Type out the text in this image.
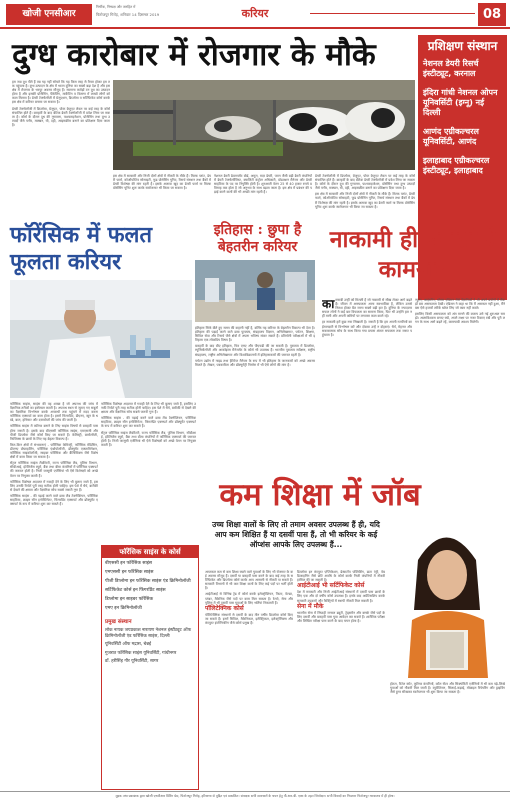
खोजी एनसीआर
निर्भीक, निष्पक्ष और जनहित में
फिरोजपुर गिरोह, शनिवार 14 दिसम्बर 2019	करियर	08
दुग्ध कारोबार में रोजगार के मौके	प्रशिक्षण संस्थान
नेशनल डेयरी रिसर्च इंस्टीट्यूट, करनाल
इंदिरा गांधी नेशनल ओपन यूनिवर्सिटी (इग्नू) नई दिल्ली
आणंद एग्रीकल्चरल यूनिवर्सिटी, आणंद
इलाहाबाद एग्रीकल्चरल इंस्टीट्यूट, इलाहाबाद

हम जब दूध पीते हैं तब यह नहीं सोचते कि यह किस तरह से तैयार होकर हम तक पहुंचता है। दुग्ध उत्पादन के क्षेत्र में भारत दुनिया का सबसे बड़ा देश है और इस क्षेत्र में रोजगार के भरपूर अवसर मौजूद हैं। सालाना करोड़ों टन दूध का उत्पादन होता है और इसकी प्रोसेसिंग, पैकेजिंग, मार्केटिंग व वितरण में लाखों लोगों को काम मिलता है। डेयरी टेक्नोलॉजी में ग्रेजुएशन, डिप्लोमा व सर्टिफिकेट कोर्स करके इस क्षेत्र में करियर बनाया जा सकता है।

डेयरी टेक्नोलॉजी में डिप्लोमा, ग्रेजुएट, पोस्ट ग्रेजुएट लेवल पर कई तरह के कोर्स संचालित होते हैं। बारहवीं के बाद बीटेक डेयरी टेक्नोलॉजी में प्रवेश लिया जा सकता है। कोर्स के दौरान दूध की गुणवत्ता, पाश्चराइजेशन, प्रोसेसिंग तथा दुग्ध उत्पादों जैसे पनीर, मक्खन, घी, दही, आइसक्रीम बनाने का प्रशिक्षण दिया जाता है।

इस क्षेत्र में सरकारी और निजी दोनों क्षेत्रों में नौकरी के मौके हैं। मिल्क प्लांट, डेयरी फार्म, कोऑपरेटिव सोसाइटी, फूड प्रोसेसिंग यूनिट, रिसर्च संस्थान तथा बैंकों में डेयरी विशेषज्ञ की मांग रहती है। इसके अलावा खुद का डेयरी फार्म या मिल्क प्रोसेसिंग यूनिट शुरू करके स्वरोजगार भी किया जा सकता है।

नेशनल डेयरी डेवलपमेंट बोर्ड, अमूल, मदर डेयरी, पराग जैसी बड़ी डेयरी कंपनियों में डेयरी टेक्नोलॉजिस्ट, क्वालिटी कंट्रोल अधिकारी, प्रोडक्शन मैनेजर और डेयरी साइंटिस्ट के पद पर नियुक्ति होती है। शुरुआती वेतन 25 से 40 हजार रुपये प्रतिमाह तक होता है जो अनुभव के साथ बढ़ता जाता है। इस क्षेत्र में प्रबंधन की पढ़ाई करने वालों की भी अच्छी मांग रहती है।

डेयरी टेक्नोलॉजी में डिप्लोमा, ग्रेजुएट, पोस्ट ग्रेजुएट लेवल पर कई तरह के कोर्स संचालित होते हैं। बारहवीं के बाद बीटेक डेयरी टेक्नोलॉजी में प्रवेश लिया जा सकता है। कोर्स के दौरान दूध की गुणवत्ता, पाश्चराइजेशन, प्रोसेसिंग तथा दुग्ध उत्पादों जैसे पनीर, मक्खन, घी, दही, आइसक्रीम बनाने का प्रशिक्षण दिया जाता है।

इस क्षेत्र में सरकारी और निजी दोनों क्षेत्रों में नौकरी के मौके हैं। मिल्क प्लांट, डेयरी फार्म, कोऑपरेटिव सोसाइटी, फूड प्रोसेसिंग यूनिट, रिसर्च संस्थान तथा बैंकों में डेयरी विशेषज्ञ की मांग रहती है। इसके अलावा खुद का डेयरी फार्म या मिल्क प्रोसेसिंग यूनिट शुरू करके स्वरोजगार भी किया जा सकता है।

फॉरेंसिक में फलत फूलता करियर
इतिहास : छुपा है बेहतरीन करियर

इतिहास सिर्फ बीते हुए समय की कहानी नहीं है, बल्कि यह करियर के बेहतरीन विकल्प भी देता है। इतिहास की पढ़ाई करने वाले छात्र पुरातत्व, संग्रहालय विज्ञान, अभिलेखागार, पर्यटन, शिक्षण, सिविल सेवा और रिसर्च जैसे क्षेत्रों में अपना भविष्य संवार सकते हैं। प्रतियोगी परीक्षाओं में भी इतिहास एक लोकप्रिय विषय है।

बारहवीं के बाद बीए इतिहास, फिर एमए और पीएचडी की जा सकती है। पुरातत्व में डिप्लोमा, म्यूजियोलॉजी और आर्काइव्स मैनेजमेंट के कोर्स भी उपलब्ध हैं। भारतीय पुरातत्व सर्वेक्षण, राष्ट्रीय संग्रहालय, राष्ट्रीय अभिलेखागार और विश्वविद्यालयों में इतिहासकारों की जरूरत रहती है।

पर्यटन उद्योग में गाइड तथा हेरिटेज मैनेजर के रूप में भी इतिहास के जानकारों को अच्छे अवसर मिलते हैं। लेखन, पत्रकारिता और डॉक्यूमेंट्री निर्माण में भी ऐसे लोगों की मांग है।

नाकामी ही बनाती है कामयाब

कामयाबी उन्हीं को मिलती है जो नाकामी से सीख लेकर आगे बढ़ते हैं। जीवन में असफलता आना स्वाभाविक है, लेकिन उससे निराश होकर बैठ जाना सबसे बड़ी हार है। दुनिया के ज्यादातर सफल लोगों ने कई बार विफलता का सामना किया, फिर भी उन्होंने हार नहीं मानी और अपनी कमियों पर लगातार काम करते रहे।

हर नाकामी हमें कुछ नया सिखाती है। जरूरी है कि हम अपनी गलतियों का ईमानदारी से विश्लेषण करें और दोबारा उन्हें न दोहराएं। धैर्य, मेहनत और सकारात्मक सोच के साथ किया गया प्रयास अंततः सफलता तक जरूर पहुंचाता है।

न्यूटन, आइंस्टीन, थॉमस एडिसन जैसे वैज्ञानिकों ने भी अपने प्रयोगों में सैकड़ों बार असफलता देखी। एडिसन ने कहा था कि मैं असफल नहीं हुआ, मैंने बस ऐसे हजारों तरीके खोज लिए जो काम नहीं करते।

इसलिए किसी असफलता को अंत मानने की बजाय उसे नई शुरुआत समझें। आत्मविश्वास बनाए रखें, अपने लक्ष्य पर नजर टिकाए रखें और पूरी लगन के साथ आगे बढ़ते रहें, कामयाबी अवश्य मिलेगी।

फॉरेंसिक साइंस, साइंस की वह शाखा है जो अपराध की जांच में वैज्ञानिक तरीकों का इस्तेमाल करती है। अपराध स्थल से जुटाए गए सबूतों का वैज्ञानिक विश्लेषण करके अपराधी तक पहुंचने में मदद करना फॉरेंसिक एक्सपर्ट का काम होता है। इसमें फिंगरप्रिंट, डीएनए, खून के धब्बे, बाल, हथियार और दस्तावेजों की जांच की जाती है।

फॉरेंसिक साइंस में करियर बनाने के लिए साइंस विषयों से बारहवीं पास होना जरूरी है। इसके बाद बीएससी फॉरेंसिक साइंस, एमएससी और पीजी डिप्लोमा जैसे कोर्स किए जा सकते हैं। केमिस्ट्री, बायोलॉजी, फिजिक्स के छात्रों के लिए यह बेहतर विकल्प है।

किन-किन क्षेत्रों में संभावनाएं - फॉरेंसिक केमिस्ट्री, फॉरेंसिक मेडिसिन, डीएनए प्रोफाइलिंग, फॉरेंसिक एंथ्रोपोलॉजी, डॉक्यूमेंट एक्जामिनेशन, फॉरेंसिक साइकोलॉजी, साइबर फॉरेंसिक और बैलिस्टिक्स जैसे विशेष क्षेत्रों में काम किया जा सकता है।

सेंट्रल फॉरेंसिक साइंस लैबोरेटरी, राज्य फॉरेंसिक लैब, पुलिस विभाग, सीबीआई, इंटेलिजेंस ब्यूरो, बैंक तथा बीमा कंपनियों में फॉरेंसिक एक्सपर्ट की जरूरत होती है। निजी जासूसी एजेंसियां भी ऐसे विशेषज्ञों को अच्छे वेतन पर नियुक्त करती हैं।

फॉरेंसिक विशेषज्ञ अदालत में गवाही देने के लिए भी बुलाए जाते हैं, इसलिए उनकी रिपोर्ट पूरी तरह सटीक होनी चाहिए। इस पेशे में धैर्य, बारीकी से देखने की क्षमता और वैज्ञानिक सोच सबसे जरूरी गुण हैं।

फॉरेंसिक साइंस - की पढ़ाई करने वाले छात्र लैब टेक्नीशियन, फॉरेंसिक साइंटिस्ट, क्राइम सीन इन्वेस्टिगेटर, फिंगरप्रिंट एक्सपर्ट और डॉक्यूमेंट एक्सपर्ट के रूप में करियर शुरू कर सकते हैं।

फॉरेंसिक विशेषज्ञ अदालत में गवाही देने के लिए भी बुलाए जाते हैं, इसलिए उनकी रिपोर्ट पूरी तरह सटीक होनी चाहिए। इस पेशे में धैर्य, बारीकी से देखने की क्षमता और वैज्ञानिक सोच सबसे जरूरी गुण हैं।

फॉरेंसिक साइंस - की पढ़ाई करने वाले छात्र लैब टेक्नीशियन, फॉरेंसिक साइंटिस्ट, क्राइम सीन इन्वेस्टिगेटर, फिंगरप्रिंट एक्सपर्ट और डॉक्यूमेंट एक्सपर्ट के रूप में करियर शुरू कर सकते हैं।

सेंट्रल फॉरेंसिक साइंस लैबोरेटरी, राज्य फॉरेंसिक लैब, पुलिस विभाग, सीबीआई, इंटेलिजेंस ब्यूरो, बैंक तथा बीमा कंपनियों में फॉरेंसिक एक्सपर्ट की जरूरत होती है। निजी जासूसी एजेंसियां भी ऐसे विशेषज्ञों को अच्छे वेतन पर नियुक्त करती हैं।

फॉरेंसिक साइंस के कोर्स
बीएससी इन फॉरेंसिक साइंस
एमएससी इन फॉरेंसिक साइंस
पीजी डिप्लोमा इन फॉरेंसिक साइंस एंड क्रिमिनोलॉजी
सर्टिफिकेट कोर्स इन फिंगरप्रिंट साइंस
डिप्लोमा इन साइबर फॉरेंसिक
एमए इन क्रिमिनोलॉजी
प्रमुख संस्थान
लोक नायक जयप्रकाश नारायण नेशनल इंस्टीट्यूट ऑफ क्रिमिनोलॉजी एंड फॉरेंसिक साइंस, दिल्ली
यूनिवर्सिटी ऑफ मद्रास, चेन्नई
गुजरात फॉरेंसिक साइंस यूनिवर्सिटी, गांधीनगर
डॉ. हरीसिंह गौर यूनिवर्सिटी, सागर
कम शिक्षा में जॉब
उच्च शिक्षा वालों के लिए तो तमाम अवसर उपलब्ध हैं ही, यदि आप कम शिक्षित हैं या दसवीं पास हैं, तो भी करियर के कई ऑप्शंस आपके लिए उपलब्ध हैं...

आजकल कम से कम शिक्षा रखने वाले युवाओं के लिए भी रोजगार के कई अवसर मौजूद हैं। दसवीं या बारहवीं पास करने के बाद कई तरह के सर्टिफिकेट और डिप्लोमा कोर्स करके आप आसानी से नौकरी पा सकते हैं। सरकारी विभागों में भी कम शिक्षा वालों के लिए कई पदों पर भर्ती होती है।

आईटीआई से विभिन्न ट्रेड में कोर्स करके इलेक्ट्रीशियन, फिटर, वेल्डर, प्लंबर, मैकेनिक जैसे पदों पर काम मिल सकता है। रेलवे, सेना और पुलिस में भी दसवीं पास युवाओं के लिए भर्तियां निकलती हैं।

पॉलिटेक्निक कोर्स

पॉलिटेक्निक संस्थानों से दसवीं के बाद तीन वर्षीय डिप्लोमा कोर्स किए जा सकते हैं। इनमें सिविल, मैकेनिकल, इलेक्ट्रिकल, इलेक्ट्रॉनिक्स और कंप्यूटर इंजीनियरिंग जैसे कोर्स प्रमुख हैं।

डिप्लोमा इन कंप्यूटर एप्लिकेशन, डेस्कटॉप पब्लिशिंग, डाटा एंट्री, वेब डिजाइनिंग जैसे छोटे अवधि के कोर्स करके निजी कंपनियों में नौकरी हासिल की जा सकती है।

आईटीआई भी सर्टिफिकेट कोर्स

देश में सरकारी और निजी आईटीआई संस्थानों में दसवीं पास छात्रों के लिए एक और दो वर्षीय कोर्स उपलब्ध हैं। इनके बाद अप्रेंटिसशिप करके सरकारी उपक्रमों और फैक्ट्रियों में स्थायी नौकरी मिल सकती है।

सेना में मौके

भारतीय सेना में सिपाही जनरल ड्यूटी, ट्रेड्समैन और क्लर्क जैसे पदों के लिए दसवीं और बारहवीं पास युवा आवेदन कर सकते हैं। शारीरिक परीक्षा और लिखित परीक्षा पास करने के बाद चयन होता है।

होटल, रिटेल स्टोर, कूरियर कंपनियों, कॉल सेंटर और सिक्योरिटी एजेंसियों में भी कम पढ़े-लिखे युवाओं को नौकरी मिल जाती है। ब्यूटीशियन, सिलाई-कढ़ाई, मोबाइल रिपेयरिंग और ड्राइविंग जैसे हुनर सीखकर स्वरोजगार भी शुरू किया जा सकता है।

मुद्रक तथा प्रकाशक द्वारा खोजी एनसीआर प्रिंटिंग प्रेस, फिरोजपुर गिरोह, हरियाणा से मुद्रित एवं प्रकाशित। संपादक सभी समाचारों के चयन हेतु पी.आर.बी. एक्ट के तहत जिम्मेदार। सभी विवादों का निपटारा फिरोजपुर न्यायालय में ही होगा।
